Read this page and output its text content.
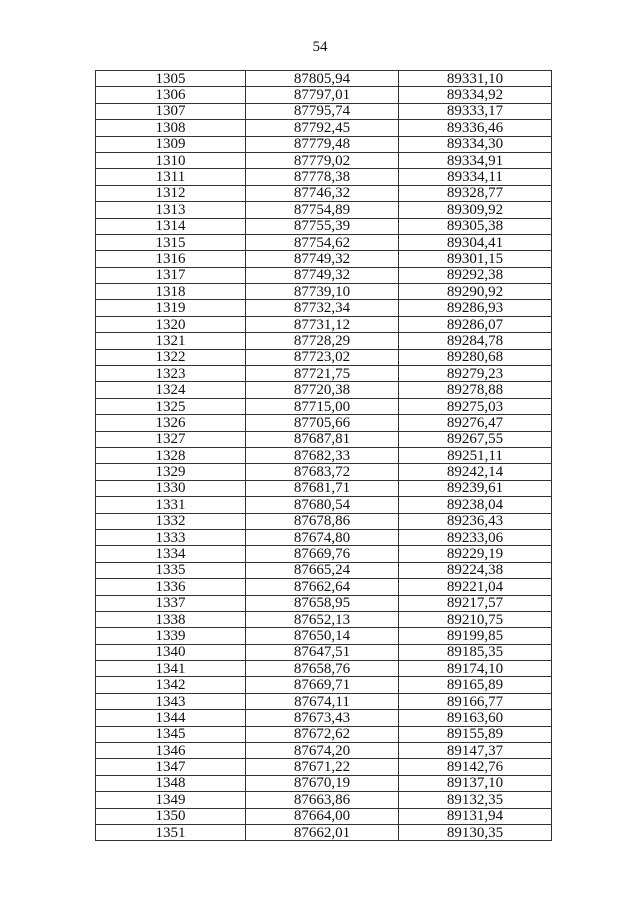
54
1305	87805,94	89331,10
1306	87797,01	89334,92
1307	87795,74	89333,17
1308	87792,45	89336,46
1309	87779,48	89334,30
1310	87779,02	89334,91
1311	87778,38	89334,11
1312	87746,32	89328,77
1313	87754,89	89309,92
1314	87755,39	89305,38
1315	87754,62	89304,41
1316	87749,32	89301,15
1317	87749,32	89292,38
1318	87739,10	89290,92
1319	87732,34	89286,93
1320	87731,12	89286,07
1321	87728,29	89284,78
1322	87723,02	89280,68
1323	87721,75	89279,23
1324	87720,38	89278,88
1325	87715,00	89275,03
1326	87705,66	89276,47
1327	87687,81	89267,55
1328	87682,33	89251,11
1329	87683,72	89242,14
1330	87681,71	89239,61
1331	87680,54	89238,04
1332	87678,86	89236,43
1333	87674,80	89233,06
1334	87669,76	89229,19
1335	87665,24	89224,38
1336	87662,64	89221,04
1337	87658,95	89217,57
1338	87652,13	89210,75
1339	87650,14	89199,85
1340	87647,51	89185,35
1341	87658,76	89174,10
1342	87669,71	89165,89
1343	87674,11	89166,77
1344	87673,43	89163,60
1345	87672,62	89155,89
1346	87674,20	89147,37
1347	87671,22	89142,76
1348	87670,19	89137,10
1349	87663,86	89132,35
1350	87664,00	89131,94
1351	87662,01	89130,35
